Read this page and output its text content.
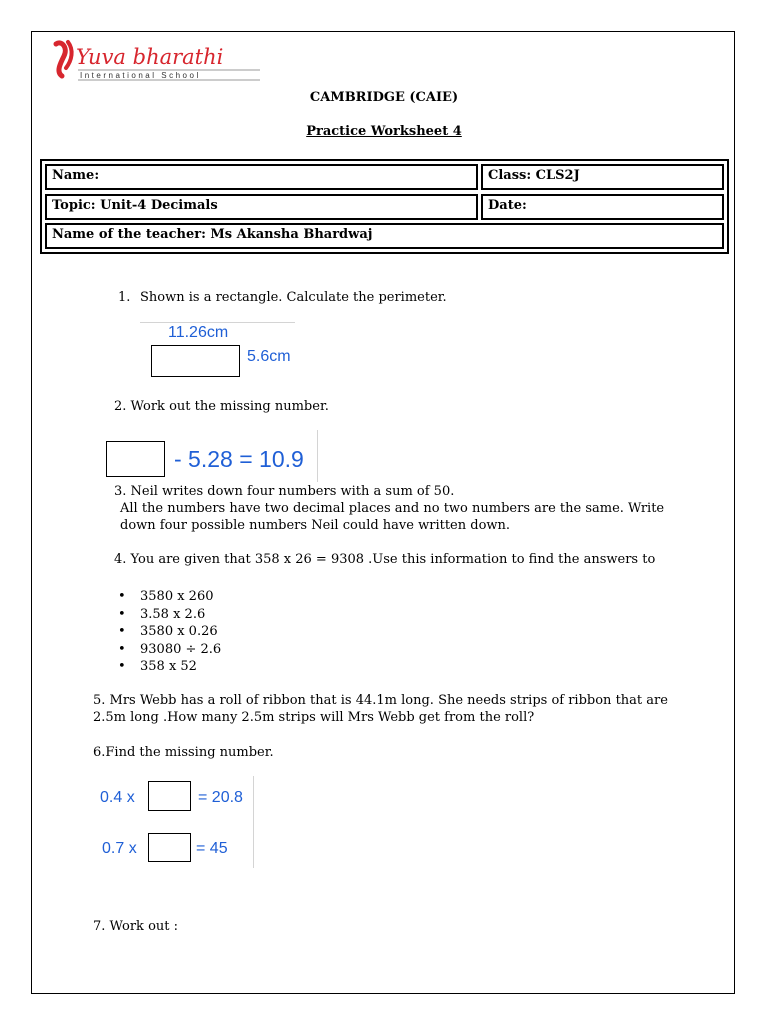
Yuva bharathi
International School
CAMBRIDGE (CAIE)
Practice Worksheet 4
Name:	Class: CLS2J
Topic: Unit-4 Decimals	Date:
Name of the teacher: Ms Akansha Bhardwaj
1. Shown is a rectangle. Calculate the perimeter.
11.26cm
5.6cm
2. Work out the missing number.
- 5.28 = 10.9
3. Neil writes down four numbers with a sum of 50.
All the numbers have two decimal places and no two numbers are the same. Write
down four possible numbers Neil could have written down.
4. You are given that 358 x 26 = 9308 .Use this information to find the answers to
• 3580 x 260
• 3.58 x 2.6
• 3580 x 0.26
• 93080 ÷ 2.6
• 358 x 52
5. Mrs Webb has a roll of ribbon that is 44.1m long. She needs strips of ribbon that are
2.5m long .How many 2.5m strips will Mrs Webb get from the roll?
6.Find the missing number.
0.4 x	= 20.8
0.7 x	= 45
7. Work out :
